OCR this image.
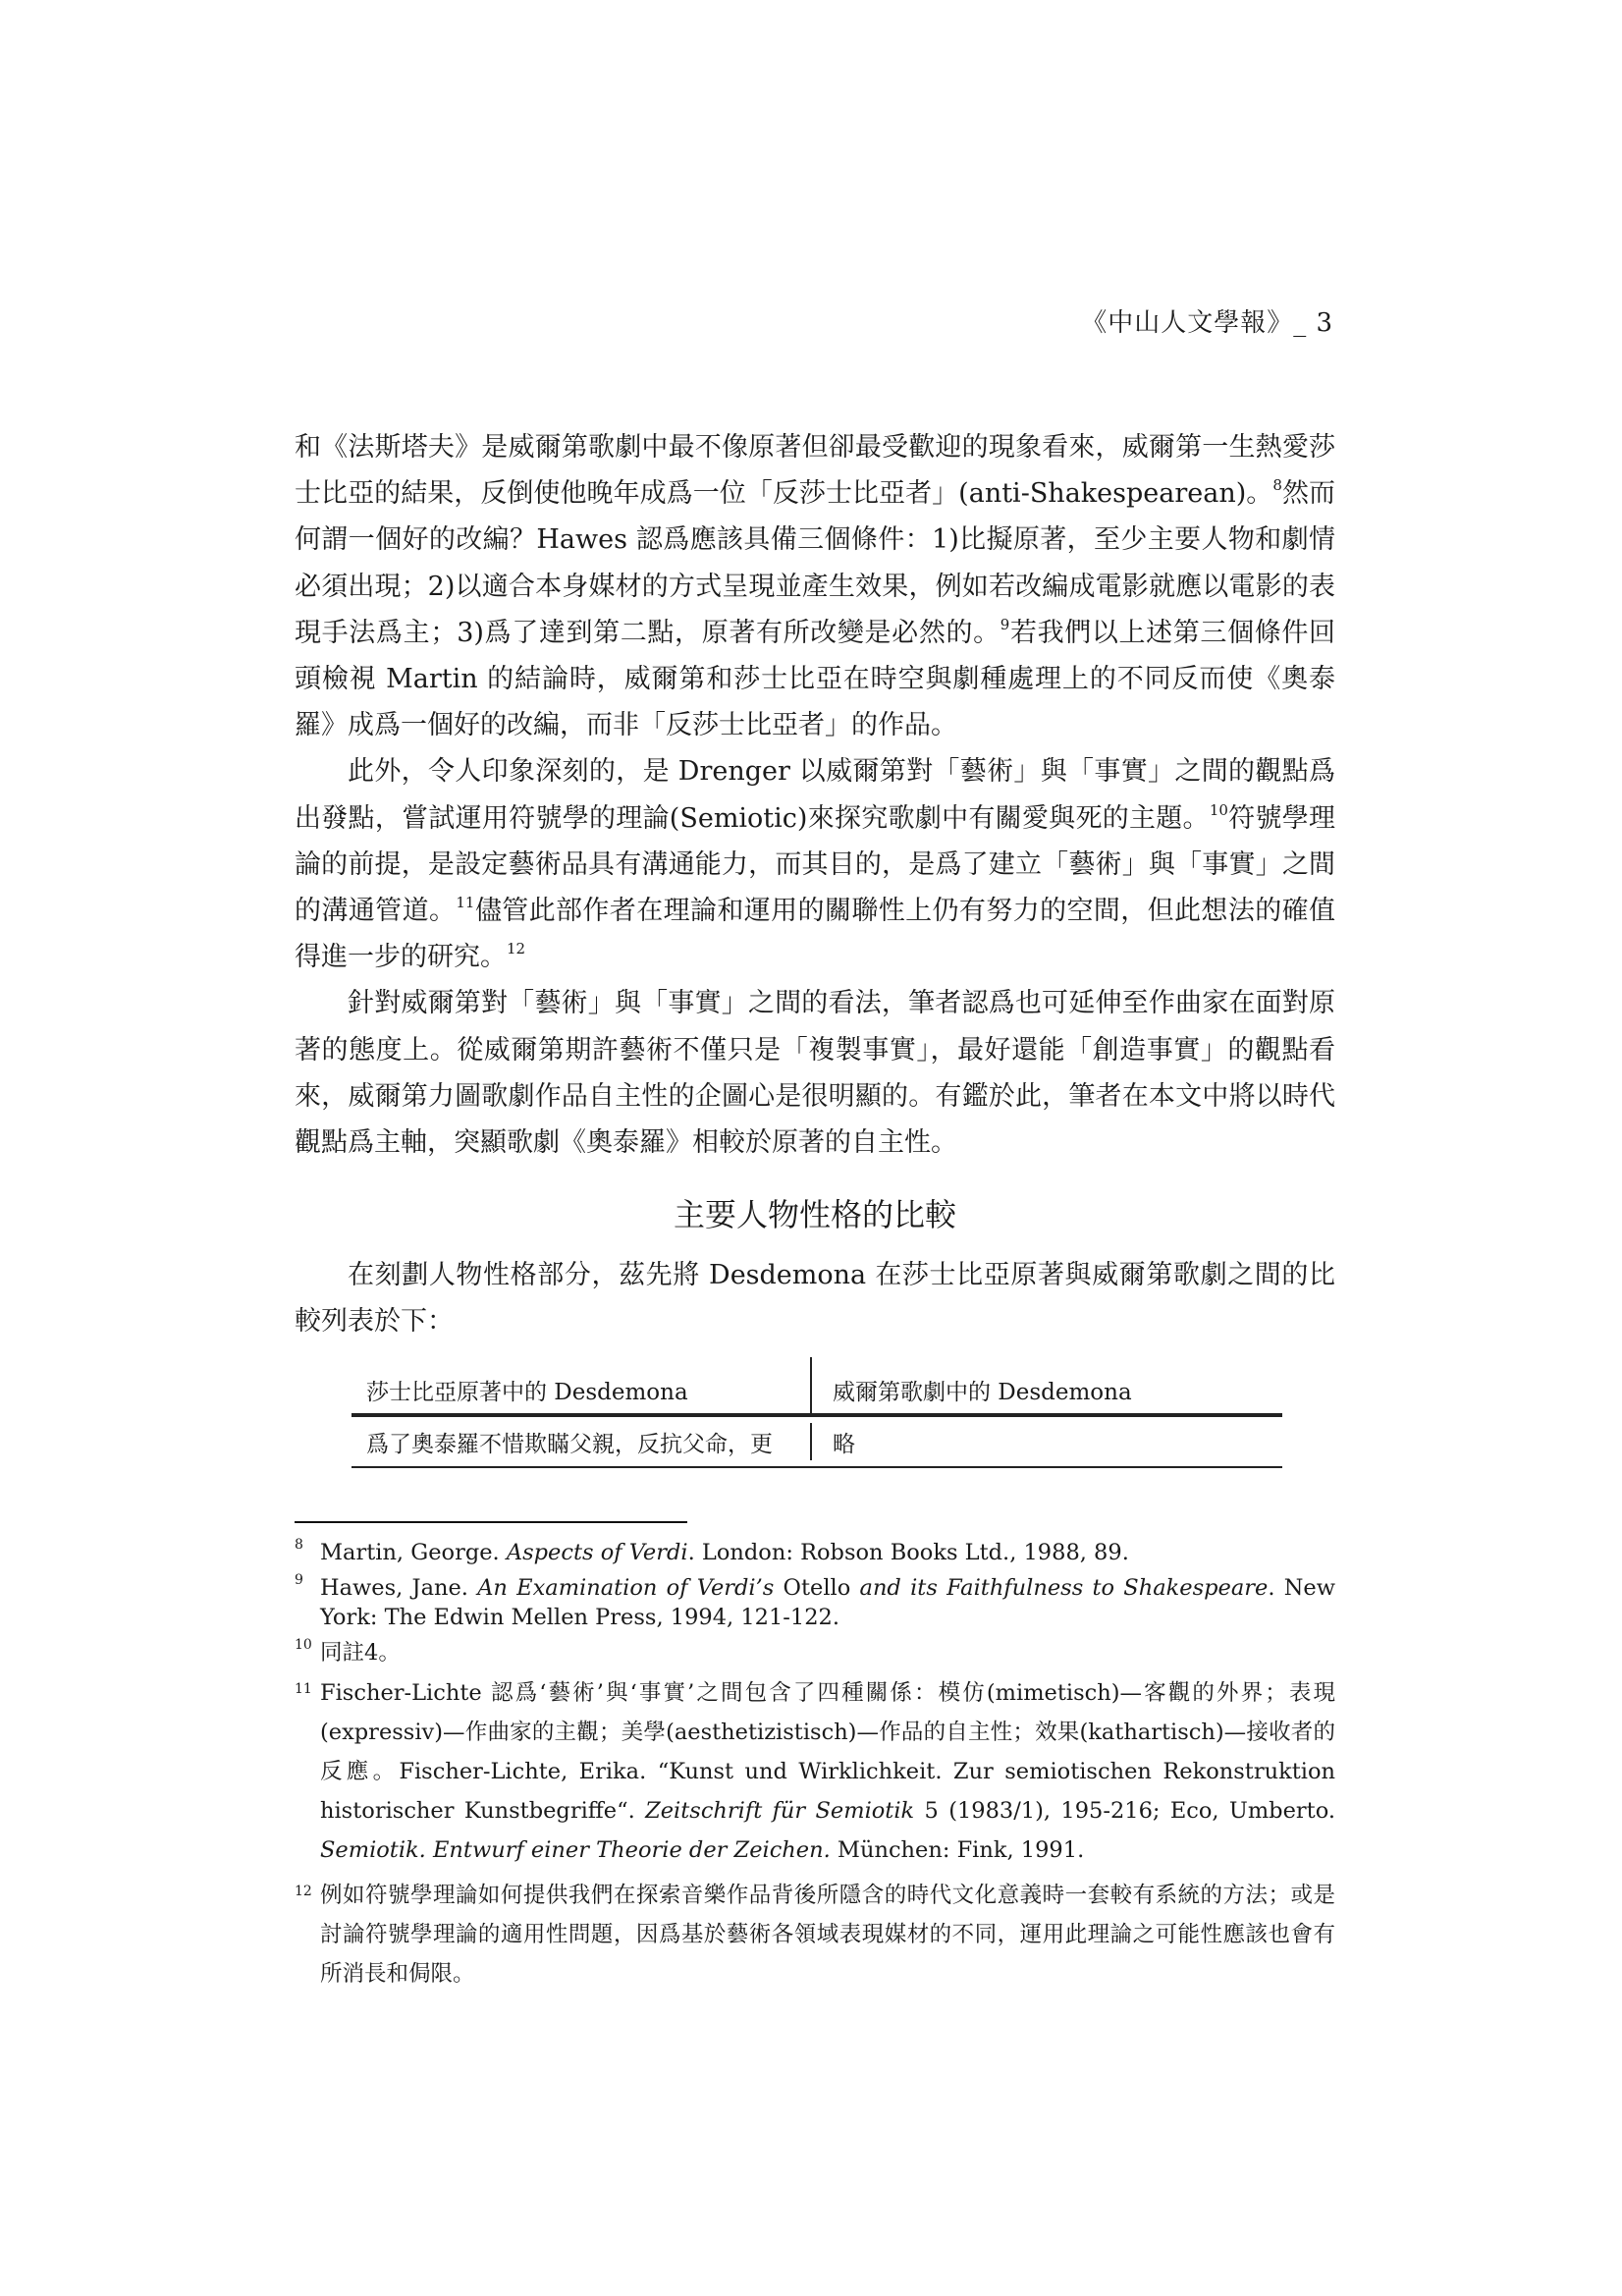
《中山人文學報》_ 3

和《法斯塔夫》是威爾第歌劇中最不像原著但卻最受歡迎的現象看來，威爾第一生熱愛莎士比亞的結果，反倒使他晚年成爲一位「反莎士比亞者」(anti-Shakespearean)。$^8$然而何謂一個好的改編？Hawes 認爲應該具備三個條件：1)比擬原著，至少主要人物和劇情必須出現；2)以適合本身媒材的方式呈現並產生效果，例如若改編成電影就應以電影的表現手法爲主；3)爲了達到第二點，原著有所改變是必然的。$^9$若我們以上述第三個條件回頭檢視 Martin 的結論時，威爾第和莎士比亞在時空與劇種處理上的不同反而使《奧泰羅》成爲一個好的改編，而非「反莎士比亞者」的作品。

此外，令人印象深刻的，是 Drenger 以威爾第對「藝術」與「事實」之間的觀點爲出發點，嘗試運用符號學的理論(Semiotic)來探究歌劇中有關愛與死的主題。$^{10}$符號學理論的前提，是設定藝術品具有溝通能力，而其目的，是爲了建立「藝術」與「事實」之間的溝通管道。$^{11}$儘管此部作者在理論和運用的關聯性上仍有努力的空間，但此想法的確值得進一步的研究。$^{12}$

針對威爾第對「藝術」與「事實」之間的看法，筆者認爲也可延伸至作曲家在面對原著的態度上。從威爾第期許藝術不僅只是「複製事實」，最好還能「創造事實」的觀點看來，威爾第力圖歌劇作品自主性的企圖心是很明顯的。有鑑於此，筆者在本文中將以時代觀點爲主軸，突顯歌劇《奧泰羅》相較於原著的自主性。

主要人物性格的比較

在刻劃人物性格部分，茲先將 Desdemona 在莎士比亞原著與威爾第歌劇之間的比較列表於下：

莎士比亞原著中的 Desdemona	威爾第歌劇中的 Desdemona
爲了奧泰羅不惜欺瞞父親，反抗父命，更	略
8 Martin, George. Aspects of Verdi. London: Robson Books Ltd., 1988, 89.
9 Hawes, Jane. An Examination of Verdi’s Otello and its Faithfulness to Shakespeare. New York: The Edwin Mellen Press, 1994, 121-122.
10 同註4。
11 Fischer-Lichte 認爲‘藝術’與‘事實’之間包含了四種關係：模仿(mimetisch)—客觀的外界；表現(expressiv)—作曲家的主觀；美學(aesthetizistisch)—作品的自主性；效果(kathartisch)—接收者的反應。Fischer-Lichte, Erika. “Kunst und Wirklichkeit. Zur semiotischen Rekonstruktion historischer Kunstbegriffe“. Zeitschrift für Semiotik 5 (1983/1), 195-216; Eco, Umberto. Semiotik. Entwurf einer Theorie der Zeichen. München: Fink, 1991.
12 例如符號學理論如何提供我們在探索音樂作品背後所隱含的時代文化意義時一套較有系統的方法；或是討論符號學理論的適用性問題，因爲基於藝術各領域表現媒材的不同，運用此理論之可能性應該也會有所消長和侷限。
